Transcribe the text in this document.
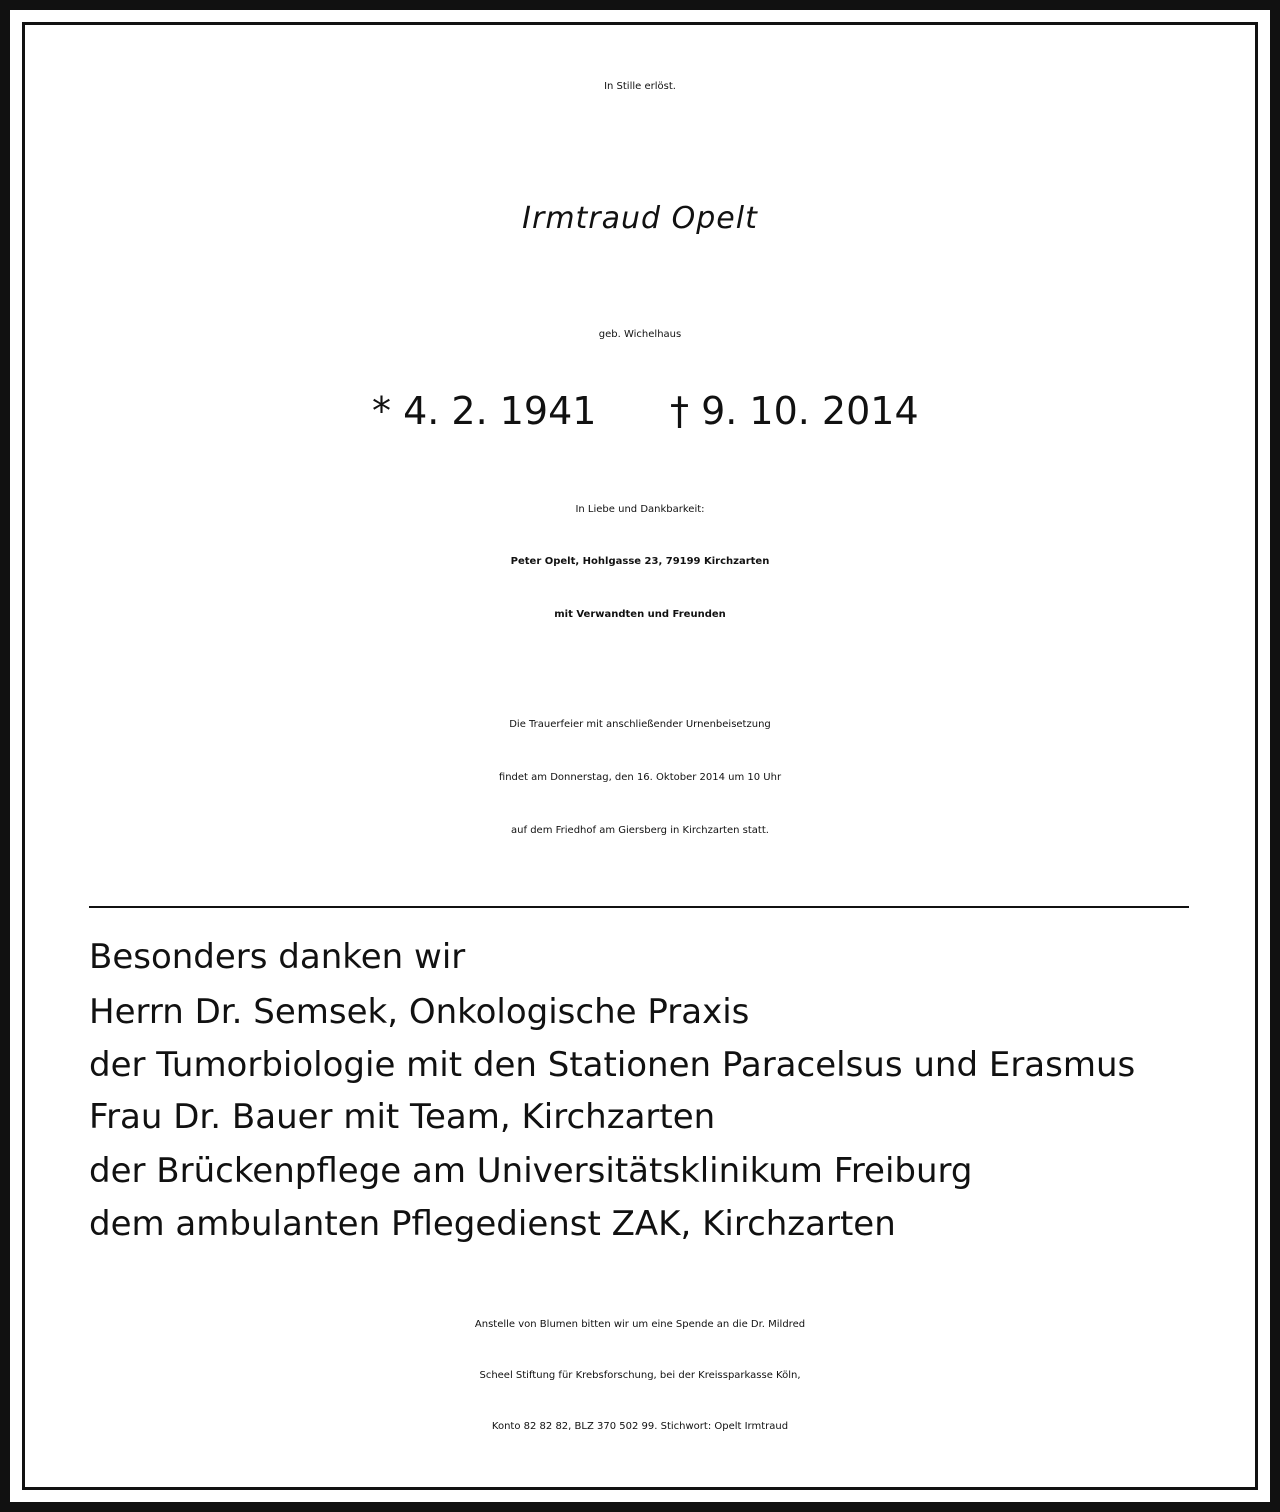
In Stille erlöst.
Irmtraud Opelt
geb. Wichelhaus
* 4. 2. 1941 † 9. 10. 2014
In Liebe und Dankbarkeit:
Peter Opelt, Hohlgasse 23, 79199 Kirchzarten
mit Verwandten und Freunden
Die Trauerfeier mit anschließender Urnenbeisetzung
findet am Donnerstag, den 16. Oktober 2014 um 10 Uhr
auf dem Friedhof am Giersberg in Kirchzarten statt.
Besonders danken wir
Herrn Dr. Semsek, Onkologische Praxis
der Tumorbiologie mit den Stationen Paracelsus und Erasmus
Frau Dr. Bauer mit Team, Kirchzarten
der Brückenpflege am Universitätsklinikum Freiburg
dem ambulanten Pflegedienst ZAK, Kirchzarten
Anstelle von Blumen bitten wir um eine Spende an die Dr. Mildred
Scheel Stiftung für Krebsforschung, bei der Kreissparkasse Köln,
Konto 82 82 82, BLZ 370 502 99. Stichwort: Opelt Irmtraud
